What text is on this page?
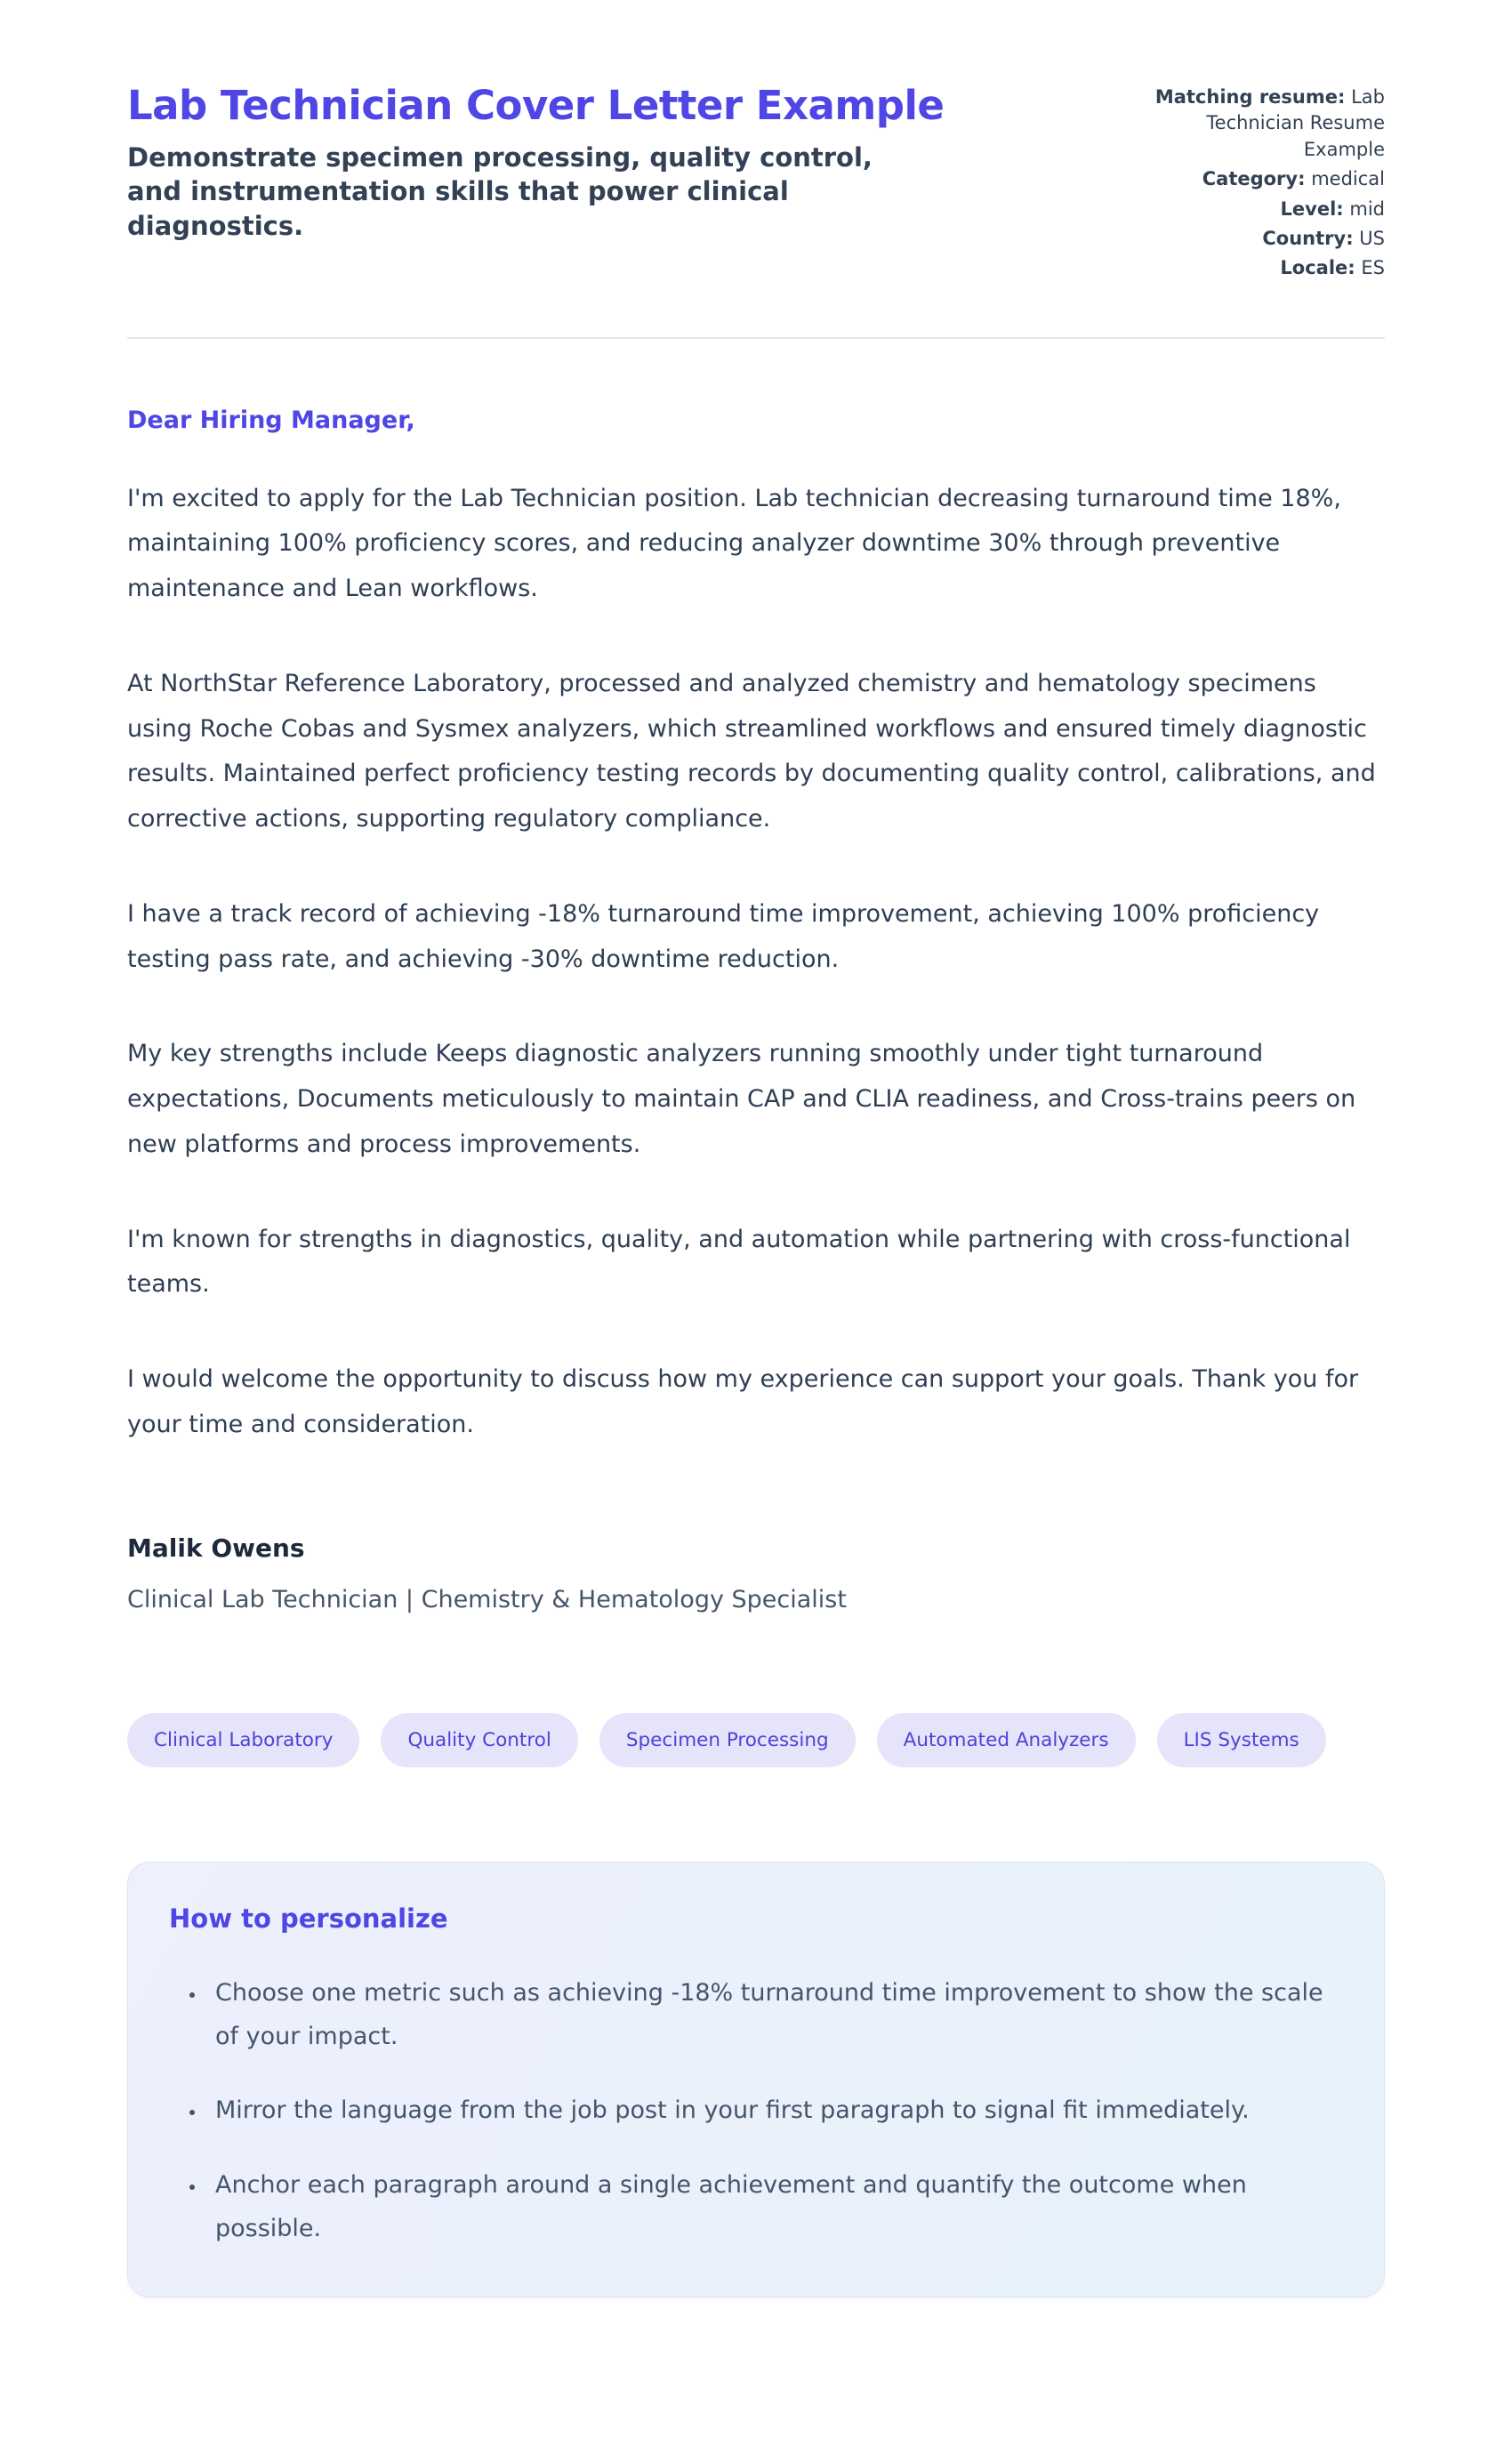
Lab Technician Cover Letter Example

Demonstrate specimen processing, quality control, and instrumentation skills that power clinical diagnostics.

Matching resume: Lab Technician Resume Example
Category: medical
Level: mid
Country: US
Locale: ES

Dear Hiring Manager,

I'm excited to apply for the Lab Technician position. Lab technician decreasing turnaround time 18%, maintaining 100% proficiency scores, and reducing analyzer downtime 30% through preventive maintenance and Lean workflows.

At NorthStar Reference Laboratory, processed and analyzed chemistry and hematology specimens using Roche Cobas and Sysmex analyzers, which streamlined workflows and ensured timely diagnostic results. Maintained perfect proficiency testing records by documenting quality control, calibrations, and corrective actions, supporting regulatory compliance.

I have a track record of achieving -18% turnaround time improvement, achieving 100% proficiency testing pass rate, and achieving -30% downtime reduction.

My key strengths include Keeps diagnostic analyzers running smoothly under tight turnaround expectations, Documents meticulously to maintain CAP and CLIA readiness, and Cross-trains peers on new platforms and process improvements.

I'm known for strengths in diagnostics, quality, and automation while partnering with cross-functional teams.

I would welcome the opportunity to discuss how my experience can support your goals. Thank you for your time and consideration.

Malik Owens

Clinical Lab Technician | Chemistry & Hematology Specialist

Clinical Laboratory	Quality Control	Specimen Processing	Automated Analyzers	LIS Systems
How to personalize
• Choose one metric such as achieving -18% turnaround time improvement to show the scale of your impact.
• Mirror the language from the job post in your first paragraph to signal fit immediately.
• Anchor each paragraph around a single achievement and quantify the outcome when possible.
